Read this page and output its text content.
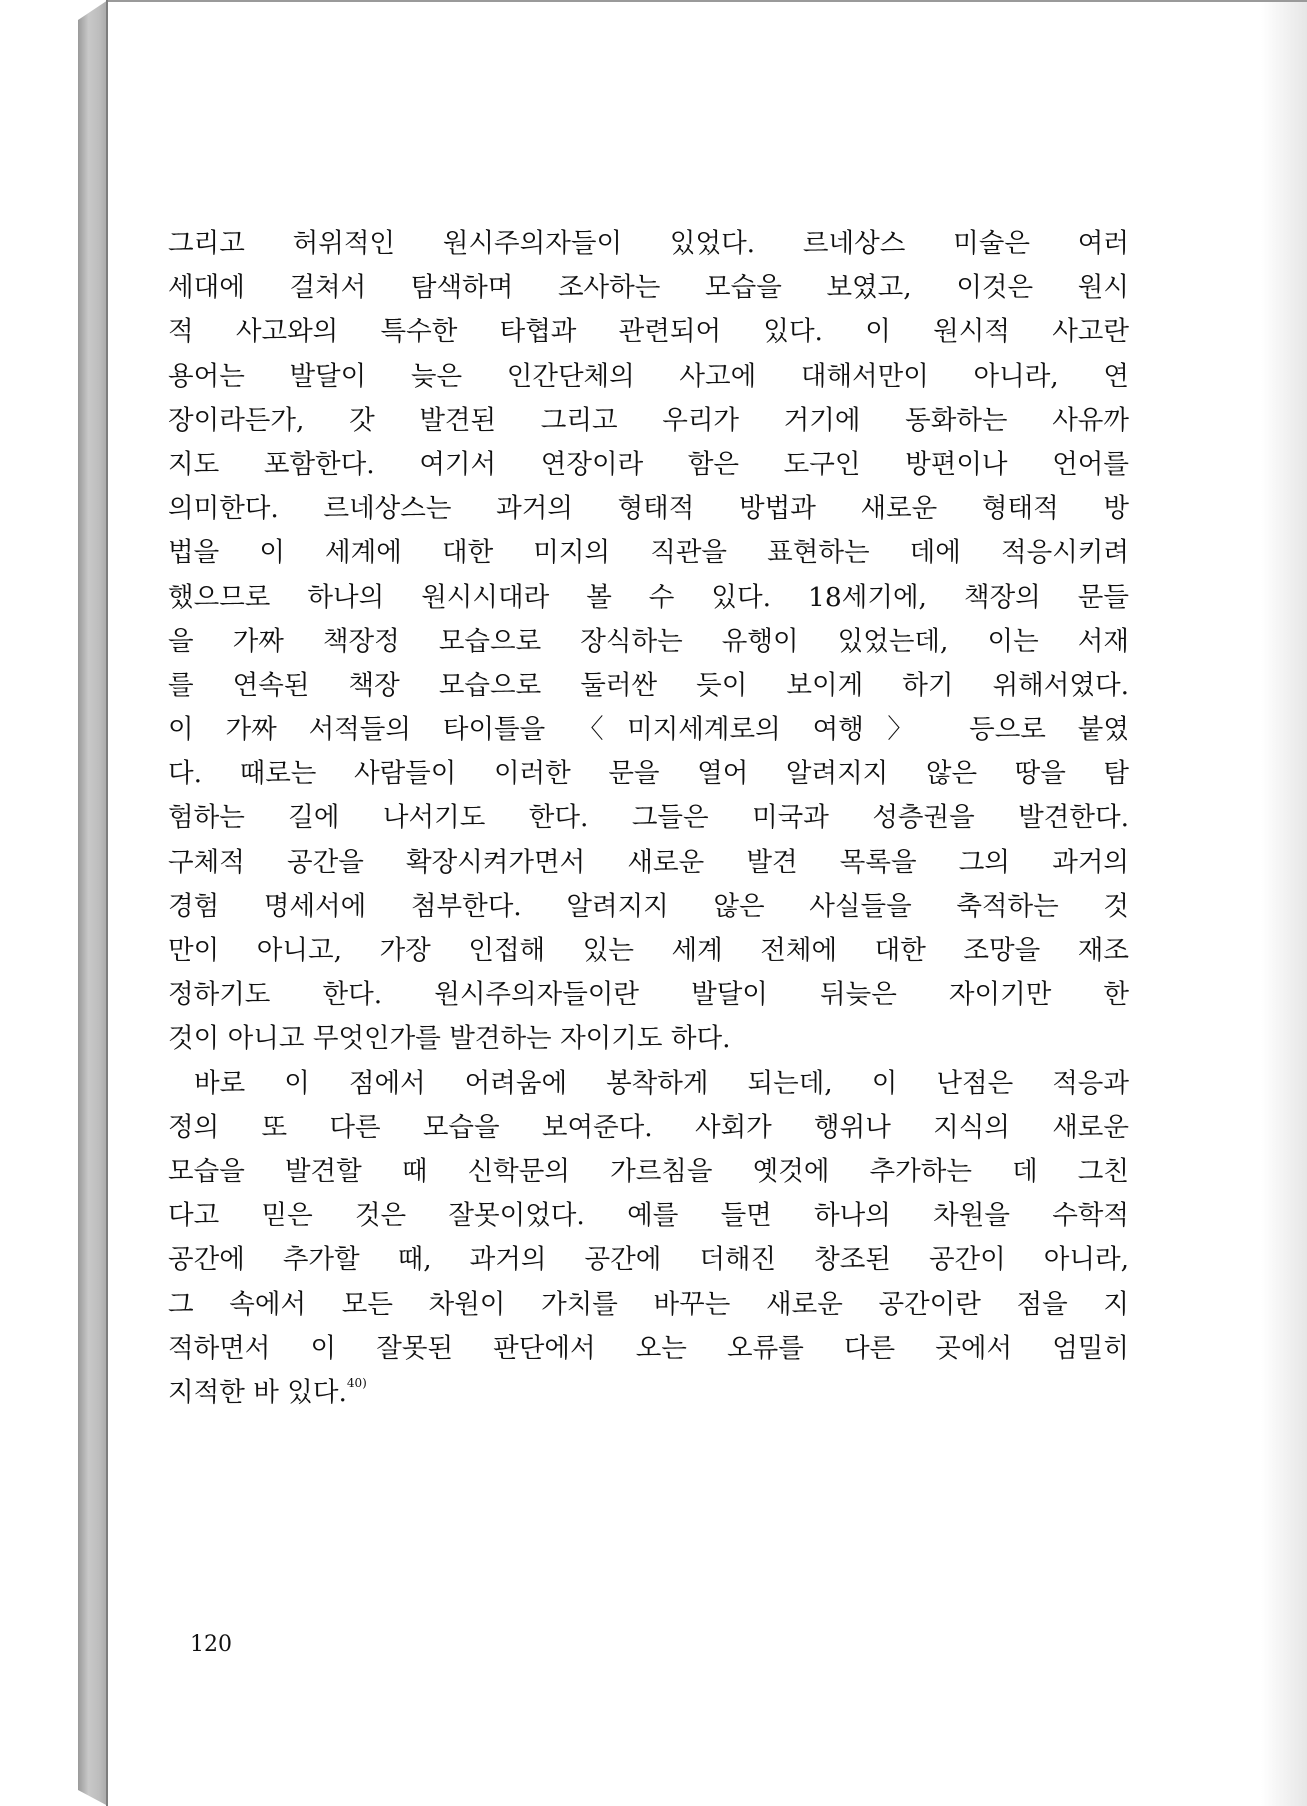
그리고 허위적인 원시주의자들이 있었다. 르네상스 미술은 여러
세대에 걸쳐서 탐색하며 조사하는 모습을 보였고, 이것은 원시
적 사고와의 특수한 타협과 관련되어 있다. 이 원시적 사고란
용어는 발달이 늦은 인간단체의 사고에 대해서만이 아니라, 연
장이라든가, 갓 발견된 그리고 우리가 거기에 동화하는 사유까
지도 포함한다. 여기서 연장이라 함은 도구인 방편이나 언어를
의미한다. 르네상스는 과거의 형태적 방법과 새로운 형태적 방
법을 이 세계에 대한 미지의 직관을 표현하는 데에 적응시키려
했으므로 하나의 원시시대라 볼 수 있다. 18세기에, 책장의 문들
을 가짜 책장정 모습으로 장식하는 유행이 있었는데, 이는 서재
를 연속된 책장 모습으로 둘러싼 듯이 보이게 하기 위해서였다.
이 가짜 서적들의 타이틀을 〈미지세계로의 여행〉 등으로 붙였
다. 때로는 사람들이 이러한 문을 열어 알려지지 않은 땅을 탐
험하는 길에 나서기도 한다. 그들은 미국과 성층권을 발견한다.
구체적 공간을 확장시켜가면서 새로운 발견 목록을 그의 과거의
경험 명세서에 첨부한다. 알려지지 않은 사실들을 축적하는 것
만이 아니고, 가장 인접해 있는 세계 전체에 대한 조망을 재조
정하기도 한다. 원시주의자들이란 발달이 뒤늦은 자이기만 한
것이 아니고 무엇인가를 발견하는 자이기도 하다.
바로 이 점에서 어려움에 봉착하게 되는데, 이 난점은 적응과
정의 또 다른 모습을 보여준다. 사회가 행위나 지식의 새로운
모습을 발견할 때 신학문의 가르침을 옛것에 추가하는 데 그친
다고 믿은 것은 잘못이었다. 예를 들면 하나의 차원을 수학적
공간에 추가할 때, 과거의 공간에 더해진 창조된 공간이 아니라,
그 속에서 모든 차원이 가치를 바꾸는 새로운 공간이란 점을 지
적하면서 이 잘못된 판단에서 오는 오류를 다른 곳에서 엄밀히
지적한 바 있다.$^{40)}$
120
